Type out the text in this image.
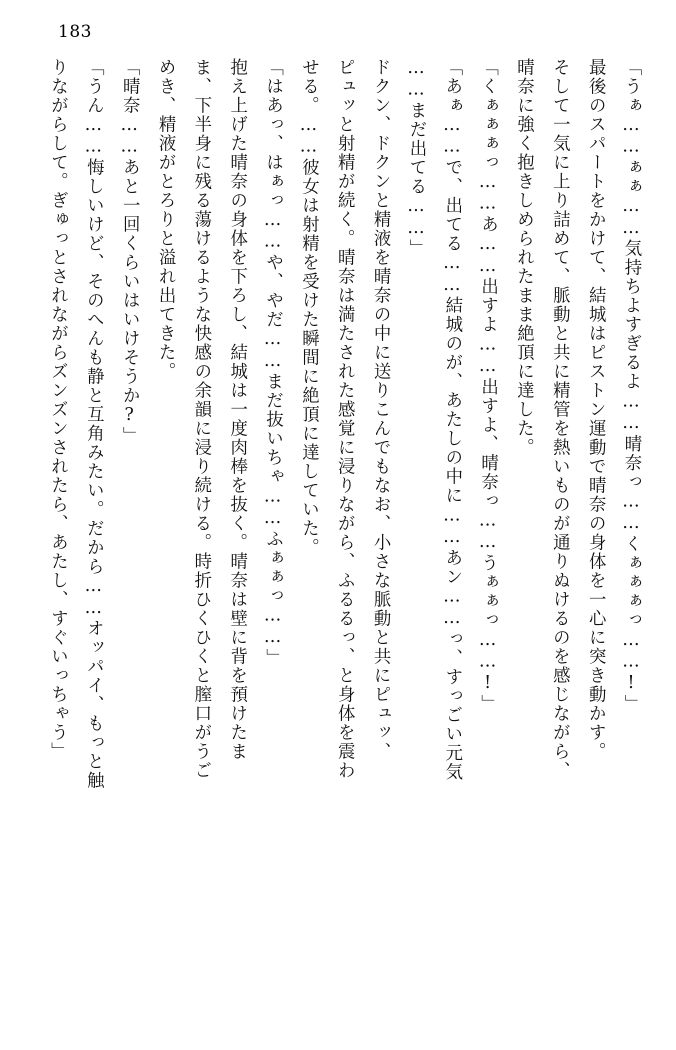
183

「うぁ……ぁぁ……気持ちよすぎるよ……晴奈っ……くぁぁぁっ……!」

最後のスパートをかけて、結城はピストン運動で晴奈の身体を一心に突き動かす。

そして一気に上り詰めて、脈動と共に精管を熱いものが通りぬけるのを感じながら、

晴奈に強く抱きしめられたまま絶頂に達した。

「くぁぁぁっ……あ……出すよ……出すよ、晴奈っ……うぁぁっ……!」

「あぁ……で、出てる……結城のが、あたしの中に……あン……っ、すっごい元気

……まだ出てる……」

ドクン、ドクンと精液を晴奈の中に送りこんでもなお、小さな脈動と共にピュッ、

ピュッと射精が続く。晴奈は満たされた感覚に浸りながら、ふるるっ、と身体を震わ

せる。……彼女は射精を受けた瞬間に絶頂に達していた。

「はあっ、はぁっ……や、やだ……まだ抜いちゃ……ふぁぁっ……」

抱え上げた晴奈の身体を下ろし、結城は一度肉棒を抜く。晴奈は壁に背を預けたま

ま、下半身に残る蕩けるような快感の余韻に浸り続ける。時折ひくひくと膣口がうご

めき、精液がとろりと溢れ出てきた。

「晴奈……あと一回くらいはいけそうか?」

「うん……悔しいけど、そのへんも静と互角みたい。だから……オッパイ、もっと触

りながらして。ぎゅっとされながらズンズンされたら、あたし、すぐいっちゃう」
